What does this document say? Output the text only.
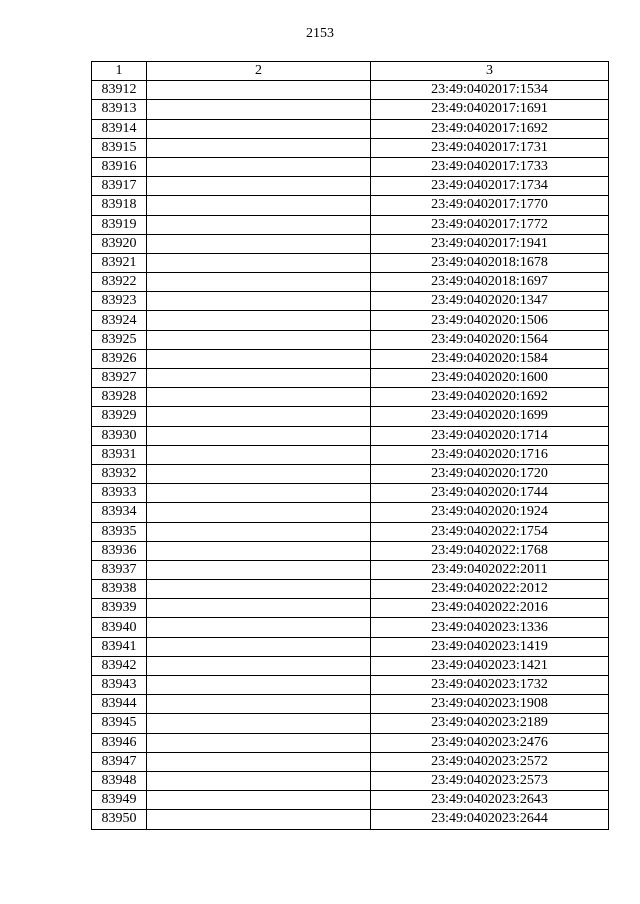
2153
1	2	3
83912		23:49:0402017:1534
83913		23:49:0402017:1691
83914		23:49:0402017:1692
83915		23:49:0402017:1731
83916		23:49:0402017:1733
83917		23:49:0402017:1734
83918		23:49:0402017:1770
83919		23:49:0402017:1772
83920		23:49:0402017:1941
83921		23:49:0402018:1678
83922		23:49:0402018:1697
83923		23:49:0402020:1347
83924		23:49:0402020:1506
83925		23:49:0402020:1564
83926		23:49:0402020:1584
83927		23:49:0402020:1600
83928		23:49:0402020:1692
83929		23:49:0402020:1699
83930		23:49:0402020:1714
83931		23:49:0402020:1716
83932		23:49:0402020:1720
83933		23:49:0402020:1744
83934		23:49:0402020:1924
83935		23:49:0402022:1754
83936		23:49:0402022:1768
83937		23:49:0402022:2011
83938		23:49:0402022:2012
83939		23:49:0402022:2016
83940		23:49:0402023:1336
83941		23:49:0402023:1419
83942		23:49:0402023:1421
83943		23:49:0402023:1732
83944		23:49:0402023:1908
83945		23:49:0402023:2189
83946		23:49:0402023:2476
83947		23:49:0402023:2572
83948		23:49:0402023:2573
83949		23:49:0402023:2643
83950		23:49:0402023:2644
